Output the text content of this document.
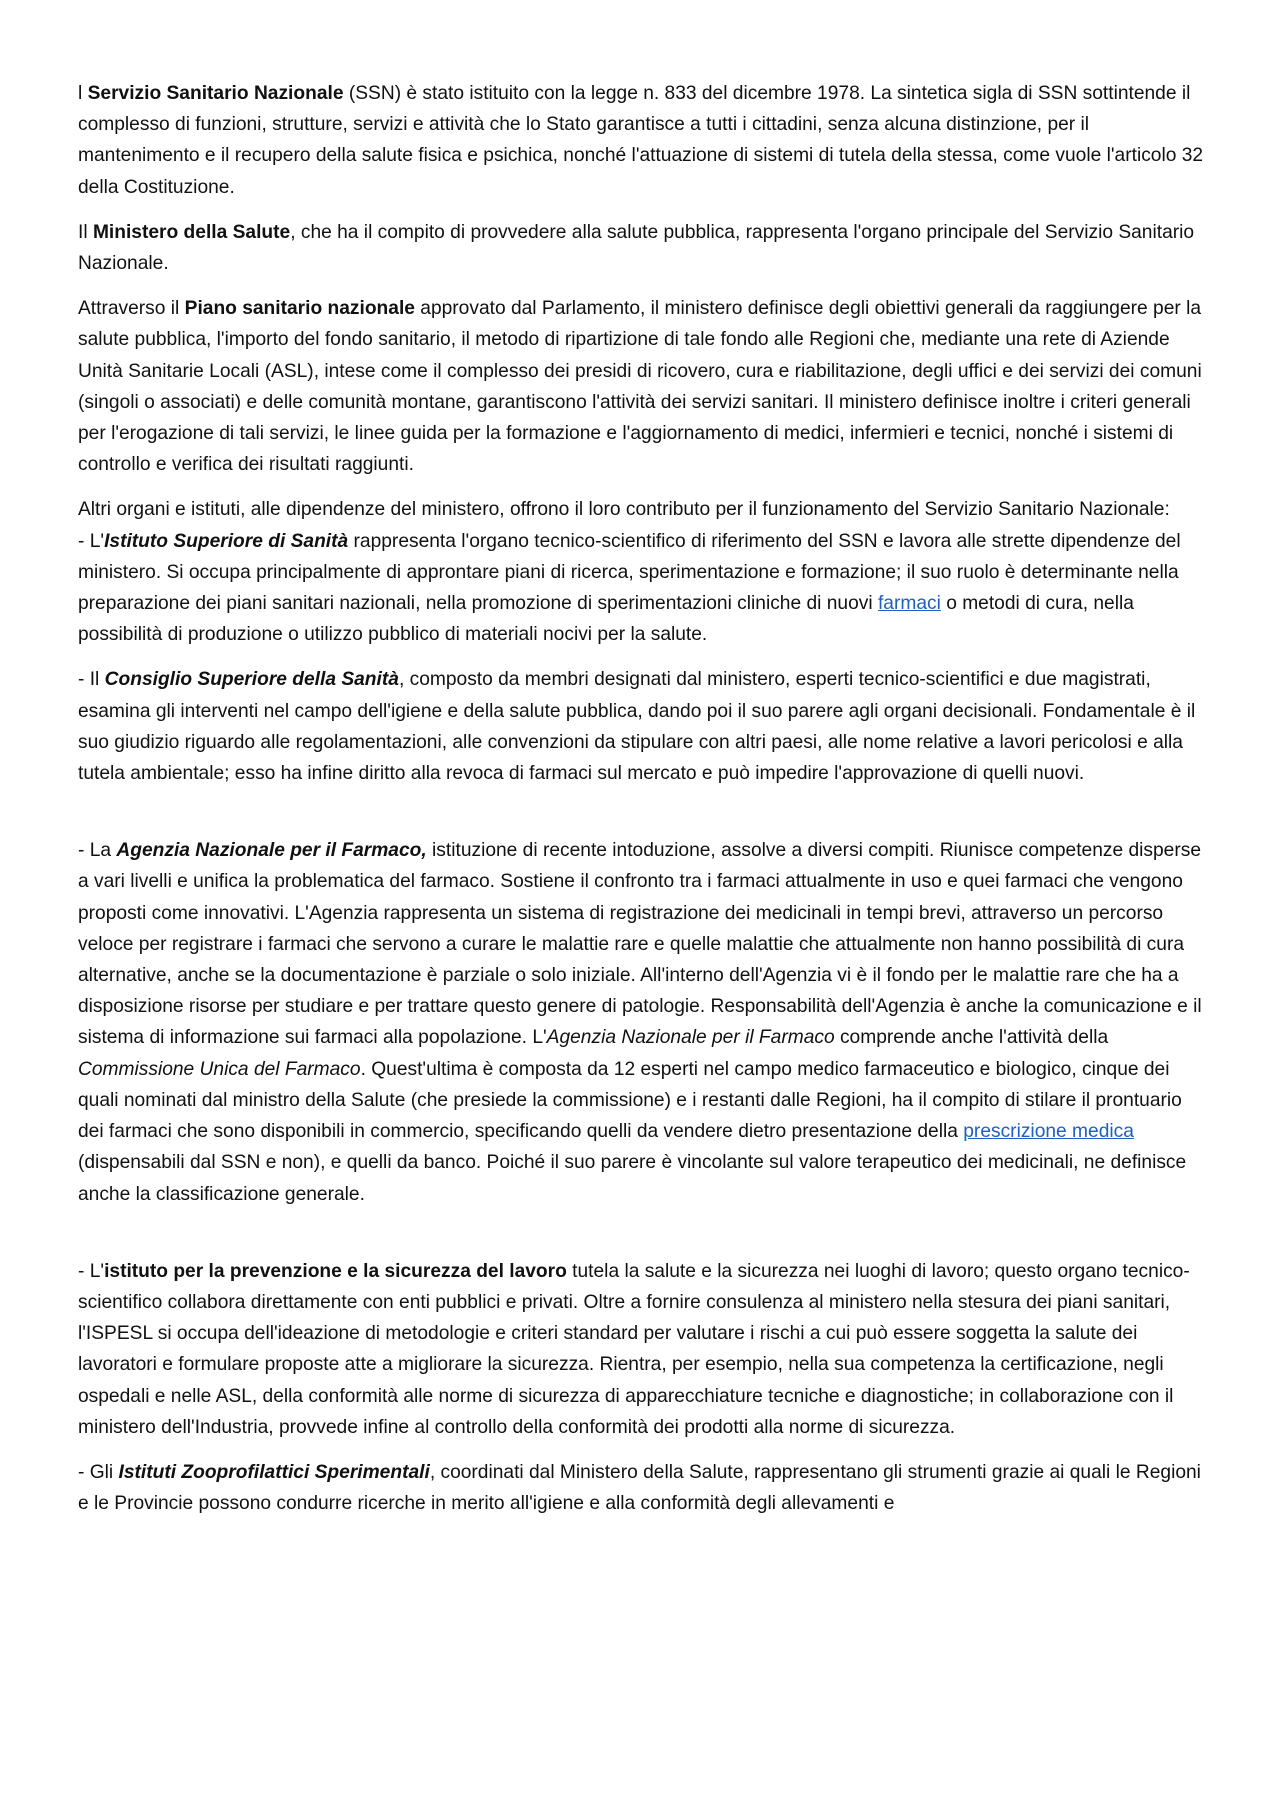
l Servizio Sanitario Nazionale (SSN) è stato istituito con la legge n. 833 del dicembre 1978. La sintetica sigla di SSN sottintende il complesso di funzioni, strutture, servizi e attività che lo Stato garantisce a tutti i cittadini, senza alcuna distinzione, per il mantenimento e il recupero della salute fisica e psichica, nonché l'attuazione di sistemi di tutela della stessa, come vuole l'articolo 32 della Costituzione.

Il Ministero della Salute, che ha il compito di provvedere alla salute pubblica, rappresenta l'organo principale del Servizio Sanitario Nazionale.

Attraverso il Piano sanitario nazionale approvato dal Parlamento, il ministero definisce degli obiettivi generali da raggiungere per la salute pubblica, l'importo del fondo sanitario, il metodo di ripartizione di tale fondo alle Regioni che, mediante una rete di Aziende Unità Sanitarie Locali (ASL), intese come il complesso dei presidi di ricovero, cura e riabilitazione, degli uffici e dei servizi dei comuni (singoli o associati) e delle comunità montane, garantiscono l'attività dei servizi sanitari. Il ministero definisce inoltre i criteri generali per l'erogazione di tali servizi, le linee guida per la formazione e l'aggiornamento di medici, infermieri e tecnici, nonché i sistemi di controllo e verifica dei risultati raggiunti.

Altri organi e istituti, alle dipendenze del ministero, offrono il loro contributo per il funzionamento del Servizio Sanitario Nazionale:
- L'Istituto Superiore di Sanità rappresenta l'organo tecnico-scientifico di riferimento del SSN e lavora alle strette dipendenze del ministero. Si occupa principalmente di approntare piani di ricerca, sperimentazione e formazione; il suo ruolo è determinante nella preparazione dei piani sanitari nazionali, nella promozione di sperimentazioni cliniche di nuovi farmaci o metodi di cura, nella possibilità di produzione o utilizzo pubblico di materiali nocivi per la salute.

- Il Consiglio Superiore della Sanità, composto da membri designati dal ministero, esperti tecnico-scientifici e due magistrati, esamina gli interventi nel campo dell'igiene e della salute pubblica, dando poi il suo parere agli organi decisionali. Fondamentale è il suo giudizio riguardo alle regolamentazioni, alle convenzioni da stipulare con altri paesi, alle nome relative a lavori pericolosi e alla tutela ambientale; esso ha infine diritto alla revoca di farmaci sul mercato e può impedire l'approvazione di quelli nuovi.

- La Agenzia Nazionale per il Farmaco, istituzione di recente intoduzione, assolve a diversi compiti. Riunisce competenze disperse a vari livelli e unifica la problematica del farmaco. Sostiene il confronto tra i farmaci attualmente in uso e quei farmaci che vengono proposti come innovativi. L'Agenzia rappresenta un sistema di registrazione dei medicinali in tempi brevi, attraverso un percorso veloce per registrare i farmaci che servono a curare le malattie rare e quelle malattie che attualmente non hanno possibilità di cura alternative, anche se la documentazione è parziale o solo iniziale. All'interno dell'Agenzia vi è il fondo per le malattie rare che ha a disposizione risorse per studiare e per trattare questo genere di patologie. Responsabilità dell'Agenzia è anche la comunicazione e il sistema di informazione sui farmaci alla popolazione. L'Agenzia Nazionale per il Farmaco comprende anche l'attività della Commissione Unica del Farmaco. Quest'ultima è composta da 12 esperti nel campo medico farmaceutico e biologico, cinque dei quali nominati dal ministro della Salute (che presiede la commissione) e i restanti dalle Regioni, ha il compito di stilare il prontuario dei farmaci che sono disponibili in commercio, specificando quelli da vendere dietro presentazione della prescrizione medica (dispensabili dal SSN e non), e quelli da banco. Poiché il suo parere è vincolante sul valore terapeutico dei medicinali, ne definisce anche la classificazione generale.

- L'istituto per la prevenzione e la sicurezza del lavoro tutela la salute e la sicurezza nei luoghi di lavoro; questo organo tecnico-scientifico collabora direttamente con enti pubblici e privati. Oltre a fornire consulenza al ministero nella stesura dei piani sanitari, l'ISPESL si occupa dell'ideazione di metodologie e criteri standard per valutare i rischi a cui può essere soggetta la salute dei lavoratori e formulare proposte atte a migliorare la sicurezza. Rientra, per esempio, nella sua competenza la certificazione, negli ospedali e nelle ASL, della conformità alle norme di sicurezza di apparecchiature tecniche e diagnostiche; in collaborazione con il ministero dell'Industria, provvede infine al controllo della conformità dei prodotti alla norme di sicurezza.

- Gli Istituti Zooprofilattici Sperimentali, coordinati dal Ministero della Salute, rappresentano gli strumenti grazie ai quali le Regioni e le Provincie possono condurre ricerche in merito all'igiene e alla conformità degli allevamenti e
